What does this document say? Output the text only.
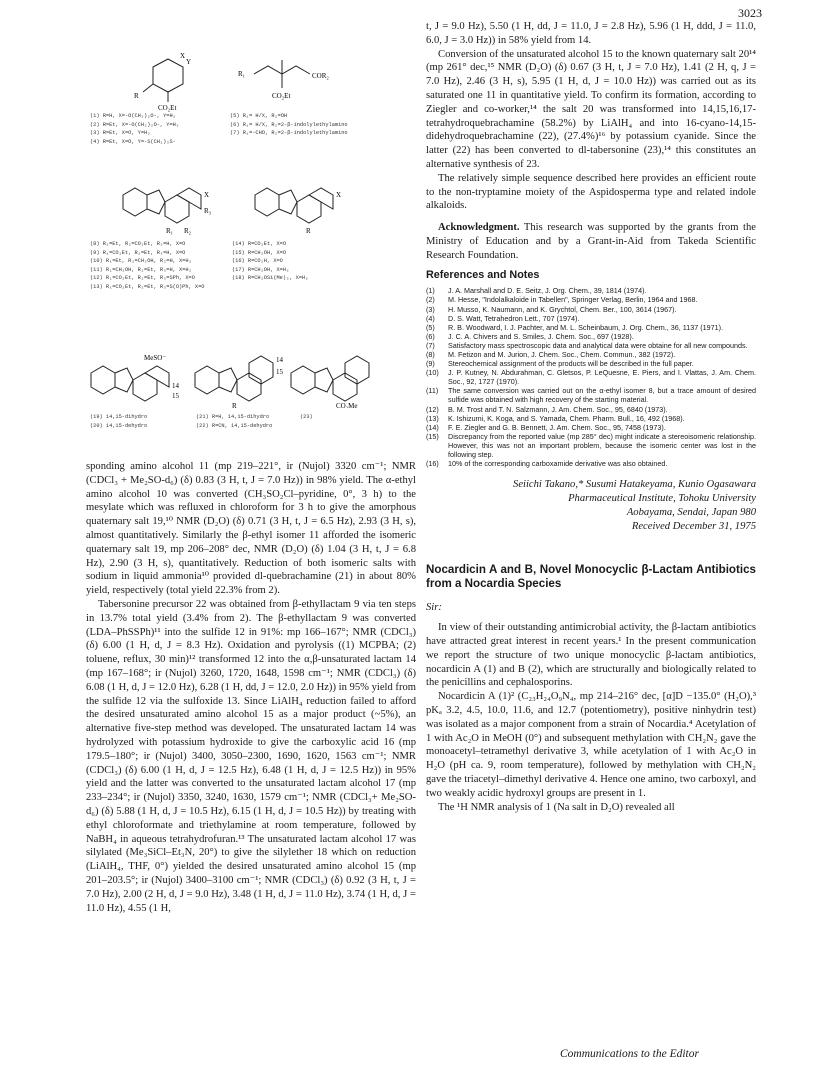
3023
Y
X
R
CO₂Et
(1) R=H, X=-O(CH₂)₂O-, Y=H₂
(2) R=Et, X=-O(CH₂)₂O-, Y=H₂
(3) R=Et, X=O, Y=H₂
(4) R=Et, X=O, Y=-S(CH₂)₃S-
R₁	COR₂
CO₂Et
(5) R₁= H/X, R₂=OH
(6) R₁= H/X, R₂=2-β-indolylethylamino
(7) R₁=-CHO, R₂=2-β-indolylethylamino
R₃
X
R₁ R₂
(8) R₁=Et, R₂=CO₂Et, R₃=H, X=O
(9) R₁=CO₂Et, R₂=Et, R₃=H, X=O
(10) R₁=Et, R₂=CH₂OH, R₃=H, X=H₂
(11) R₁=CH₂OH, R₂=Et, R₃=H, X=H₂
(12) R₁=CO₂Et, R₂=Et, R₃=SPh, X=O
(13) R₁=CO₂Et, R₂=Et, R₃=S(O)Ph, X=O
X
R
(14) R=CO₂Et, X=O
(15) R=CH₂OH, X=O
(16) R=CO₂H, X=O
(17) R=CH₂OH, X=H₂
(18) R=CH₂OSi(Me)₃, X=H₂
MeSO⁻
14
15
14
15
R	CO₂Me
(19) 14,15-dihydro
(20) 14,15-dehydro
(21) R=H, 14,15-dihydro
(22) R=CN, 14,15-dehydro
(23)

sponding amino alcohol 11 (mp 219–221°, ir (Nujol) 3320 cm⁻¹; NMR (CDCl₃ + Me₂SO-d₆) (δ) 0.83 (3 H, t, J = 7.0 Hz)) in 98% yield. The α-ethyl amino alcohol 10 was converted (CH₃SO₂Cl–pyridine, 0°, 3 h) to the mesylate which was refluxed in chloroform for 3 h to give the amorphous quaternary salt 19,¹⁰ NMR (D₂O) (δ) 0.71 (3 H, t, J = 6.5 Hz), 2.93 (3 H, s), almost quantitatively. Similarly the β-ethyl isomer 11 afforded the isomeric quaternary salt 19, mp 206–208° dec, NMR (D₂O) (δ) 1.04 (3 H, t, J = 6.8 Hz), 2.90 (3 H, s), quantitatively. Reduction of both isomeric salts with sodium in liquid ammonia¹⁰ provided dl-quebrachamine (21) in about 80% yield, respectively (total yield 22.3% from 2).

Tabersonine precursor 22 was obtained from β-ethyllactam 9 via ten steps in 13.7% total yield (3.4% from 2). The β-ethyllactam 9 was converted (LDA–PhSSPh)¹¹ into the sulfide 12 in 91%: mp 166–167°; NMR (CDCl₃) (δ) 6.00 (1 H, d, J = 8.3 Hz). Oxidation and pyrolysis ((1) MCPBA; (2) toluene, reflux, 30 min)¹² transformed 12 into the α,β-unsaturated lactam 14 (mp 167–168°; ir (Nujol) 3260, 1720, 1648, 1598 cm⁻¹; NMR (CDCl₃) (δ) 6.08 (1 H, d, J = 12.0 Hz), 6.28 (1 H, dd, J = 12.0, 2.0 Hz)) in 95% yield from the sulfide 12 via the sulfoxide 13. Since LiAlH₄ reduction failed to afford the desired unsaturated amino alcohol 15 as a major product (~5%), an alternative five-step method was developed. The unsaturated lactam 14 was hydrolyzed with potassium hydroxide to give the carboxylic acid 16 (mp 179.5–180°; ir (Nujol) 3400, 3050–2300, 1690, 1620, 1563 cm⁻¹; NMR (CDCl₃) (δ) 6.00 (1 H, d, J = 12.5 Hz), 6.48 (1 H, d, J = 12.5 Hz)) in 95% yield and the latter was converted to the unsaturated lactam alcohol 17 (mp 233–234°; ir (Nujol) 3350, 3240, 1630, 1579 cm⁻¹; NMR (CDCl₃+ Me₂SO-d₆) (δ) 5.88 (1 H, d, J = 10.5 Hz), 6.15 (1 H, d, J = 10.5 Hz)) by treating with ethyl chloroformate and triethylamine at room temperature, followed by NaBH₄ in aqueous tetrahydrofuran.¹³ The unsaturated lactam alcohol 17 was silylated (Me₃SiCl–Et₃N, 20°) to give the silylether 18 which on reduction (LiAlH₄, THF, 0°) yielded the desired unsaturated amino alcohol 15 (mp 201–203.5°; ir (Nujol) 3400–3100 cm⁻¹; NMR (CDCl₃) (δ) 0.92 (3 H, t, J = 7.0 Hz), 2.00 (2 H, d, J = 9.0 Hz), 3.48 (1 H, d, J = 11.0 Hz), 3.74 (1 H, d, J = 11.0 Hz), 4.55 (1 H,

t, J = 9.0 Hz), 5.50 (1 H, dd, J = 11.0, J = 2.8 Hz), 5.96 (1 H, ddd, J = 11.0, 6.0, J = 3.0 Hz)) in 58% yield from 14.

Conversion of the unsaturated alcohol 15 to the known quaternary salt 20¹⁴ (mp 261° dec,¹⁵ NMR (D₂O) (δ) 0.67 (3 H, t, J = 7.0 Hz), 1.41 (2 H, q, J = 7.0 Hz), 2.46 (3 H, s), 5.95 (1 H, d, J = 10.0 Hz)) was carried out as its saturated one 11 in quantitative yield. To confirm its formation, according to Ziegler and co-worker,¹⁴ the salt 20 was transformed into 14,15,16,17-tetrahydroquebrachamine (58.2%) by LiAlH₄ and into 16-cyano-14,15-didehydroquebrachamine (22), (27.4%)¹⁶ by potassium cyanide. Since the latter (22) has been converted to dl-tabersonine (23),¹⁴ this constitutes an alternative synthesis of 23.

The relatively simple sequence described here provides an efficient route to the non-tryptamine moiety of the Aspidosperma type and related indole alkaloids.

Acknowledgment. This research was supported by the grants from the Ministry of Education and by a Grant-in-Aid from Takeda Scientific Research Foundation.

References and Notes
(1)	J. A. Marshall and D. E. Seitz, J. Org. Chem., 39, 1814 (1974).
(2)	M. Hesse, "Indolalkaloide in Tabellen", Springer Verlag, Berlin, 1964 and 1968.
(3)	H. Musso, K. Naumann, and K. Grychtol, Chem. Ber., 100, 3614 (1967).
(4)	D. S. Watt, Tetrahedron Lett., 707 (1974).
(5)	R. B. Woodward, I. J. Pachter, and M. L. Scheinbaum, J. Org. Chem., 36, 1137 (1971).
(6)	J. C. A. Chivers and S. Smiles, J. Chem. Soc., 697 (1928).
(7)	Satisfactory mass spectroscopic data and analytical data were obtaine for all new compounds.
(8)	M. Fetizon and M. Jurion, J. Chem. Soc., Chem. Commun., 382 (1972).
(9)	Stereochemical assignment of the products will be described in the full paper.
(10)	J. P. Kutney, N. Abdurahman, C. Gletsos, P. LeQuesne, E. Piers, and I. Vlattas, J. Am. Chem. Soc., 92, 1727 (1970).
(11)	The same conversion was carried out on the α-ethyl isomer 8, but a trace amount of desired sulfide was obtained with high recovery of the starting material.
(12)	B. M. Trost and T. N. Salzmann, J. Am. Chem. Soc., 95, 6840 (1973).
(13)	K. Ishizumi, K. Koga, and S. Yamada, Chem. Pharm. Bull., 16, 492 (1968).
(14)	F. E. Ziegler and G. B. Bennett, J. Am. Chem. Soc., 95, 7458 (1973).
(15)	Discrepancy from the reported value (mp 285° dec) might indicate a stereoisomeric relationship. However, this was not an important problem, because the isomeric center was lost in the following step.
(16)	10% of the corresponding carboxamide derivative was also obtained.
Seiichi Takano,* Susumi Hatakeyama, Kunio Ogasawara
Pharmaceutical Institute, Tohoku University
Aobayama, Sendai, Japan 980
Received December 31, 1975
Nocardicin A and B, Novel Monocyclic β-Lactam Antibiotics from a Nocardia Species
Sir:

In view of their outstanding antimicrobial activity, the β-lactam antibiotics have attracted great interest in recent years.¹ In the present communication we report the structure of two unique monocyclic β-lactam antibiotics, nocardicin A (1) and B (2), which are structurally and biologically related to the penicillins and cephalosporins.

Nocardicin A (1)² (C₂₃H₂₄O₉N₄, mp 214–216° dec, [α]D −135.0° (H₂O),³ pKₐ 3.2, 4.5, 10.0, 11.6, and 12.7 (potentiometry), positive ninhydrin test) was isolated as a major component from a strain of Nocardia.⁴ Acetylation of 1 with Ac₂O in MeOH (0°) and subsequent methylation with CH₂N₂ gave the monoacetyl–tetramethyl derivative 3, while acetylation of 1 with Ac₂O in H₂O (pH ca. 9, room temperature), followed by methylation with CH₂N₂ gave the triacetyl–dimethyl derivative 4. Hence one amino, two carboxyl, and two weakly acidic hydroxyl groups are present in 1.

The ¹H NMR analysis of 1 (Na salt in D₂O) revealed all

Communications to the Editor
